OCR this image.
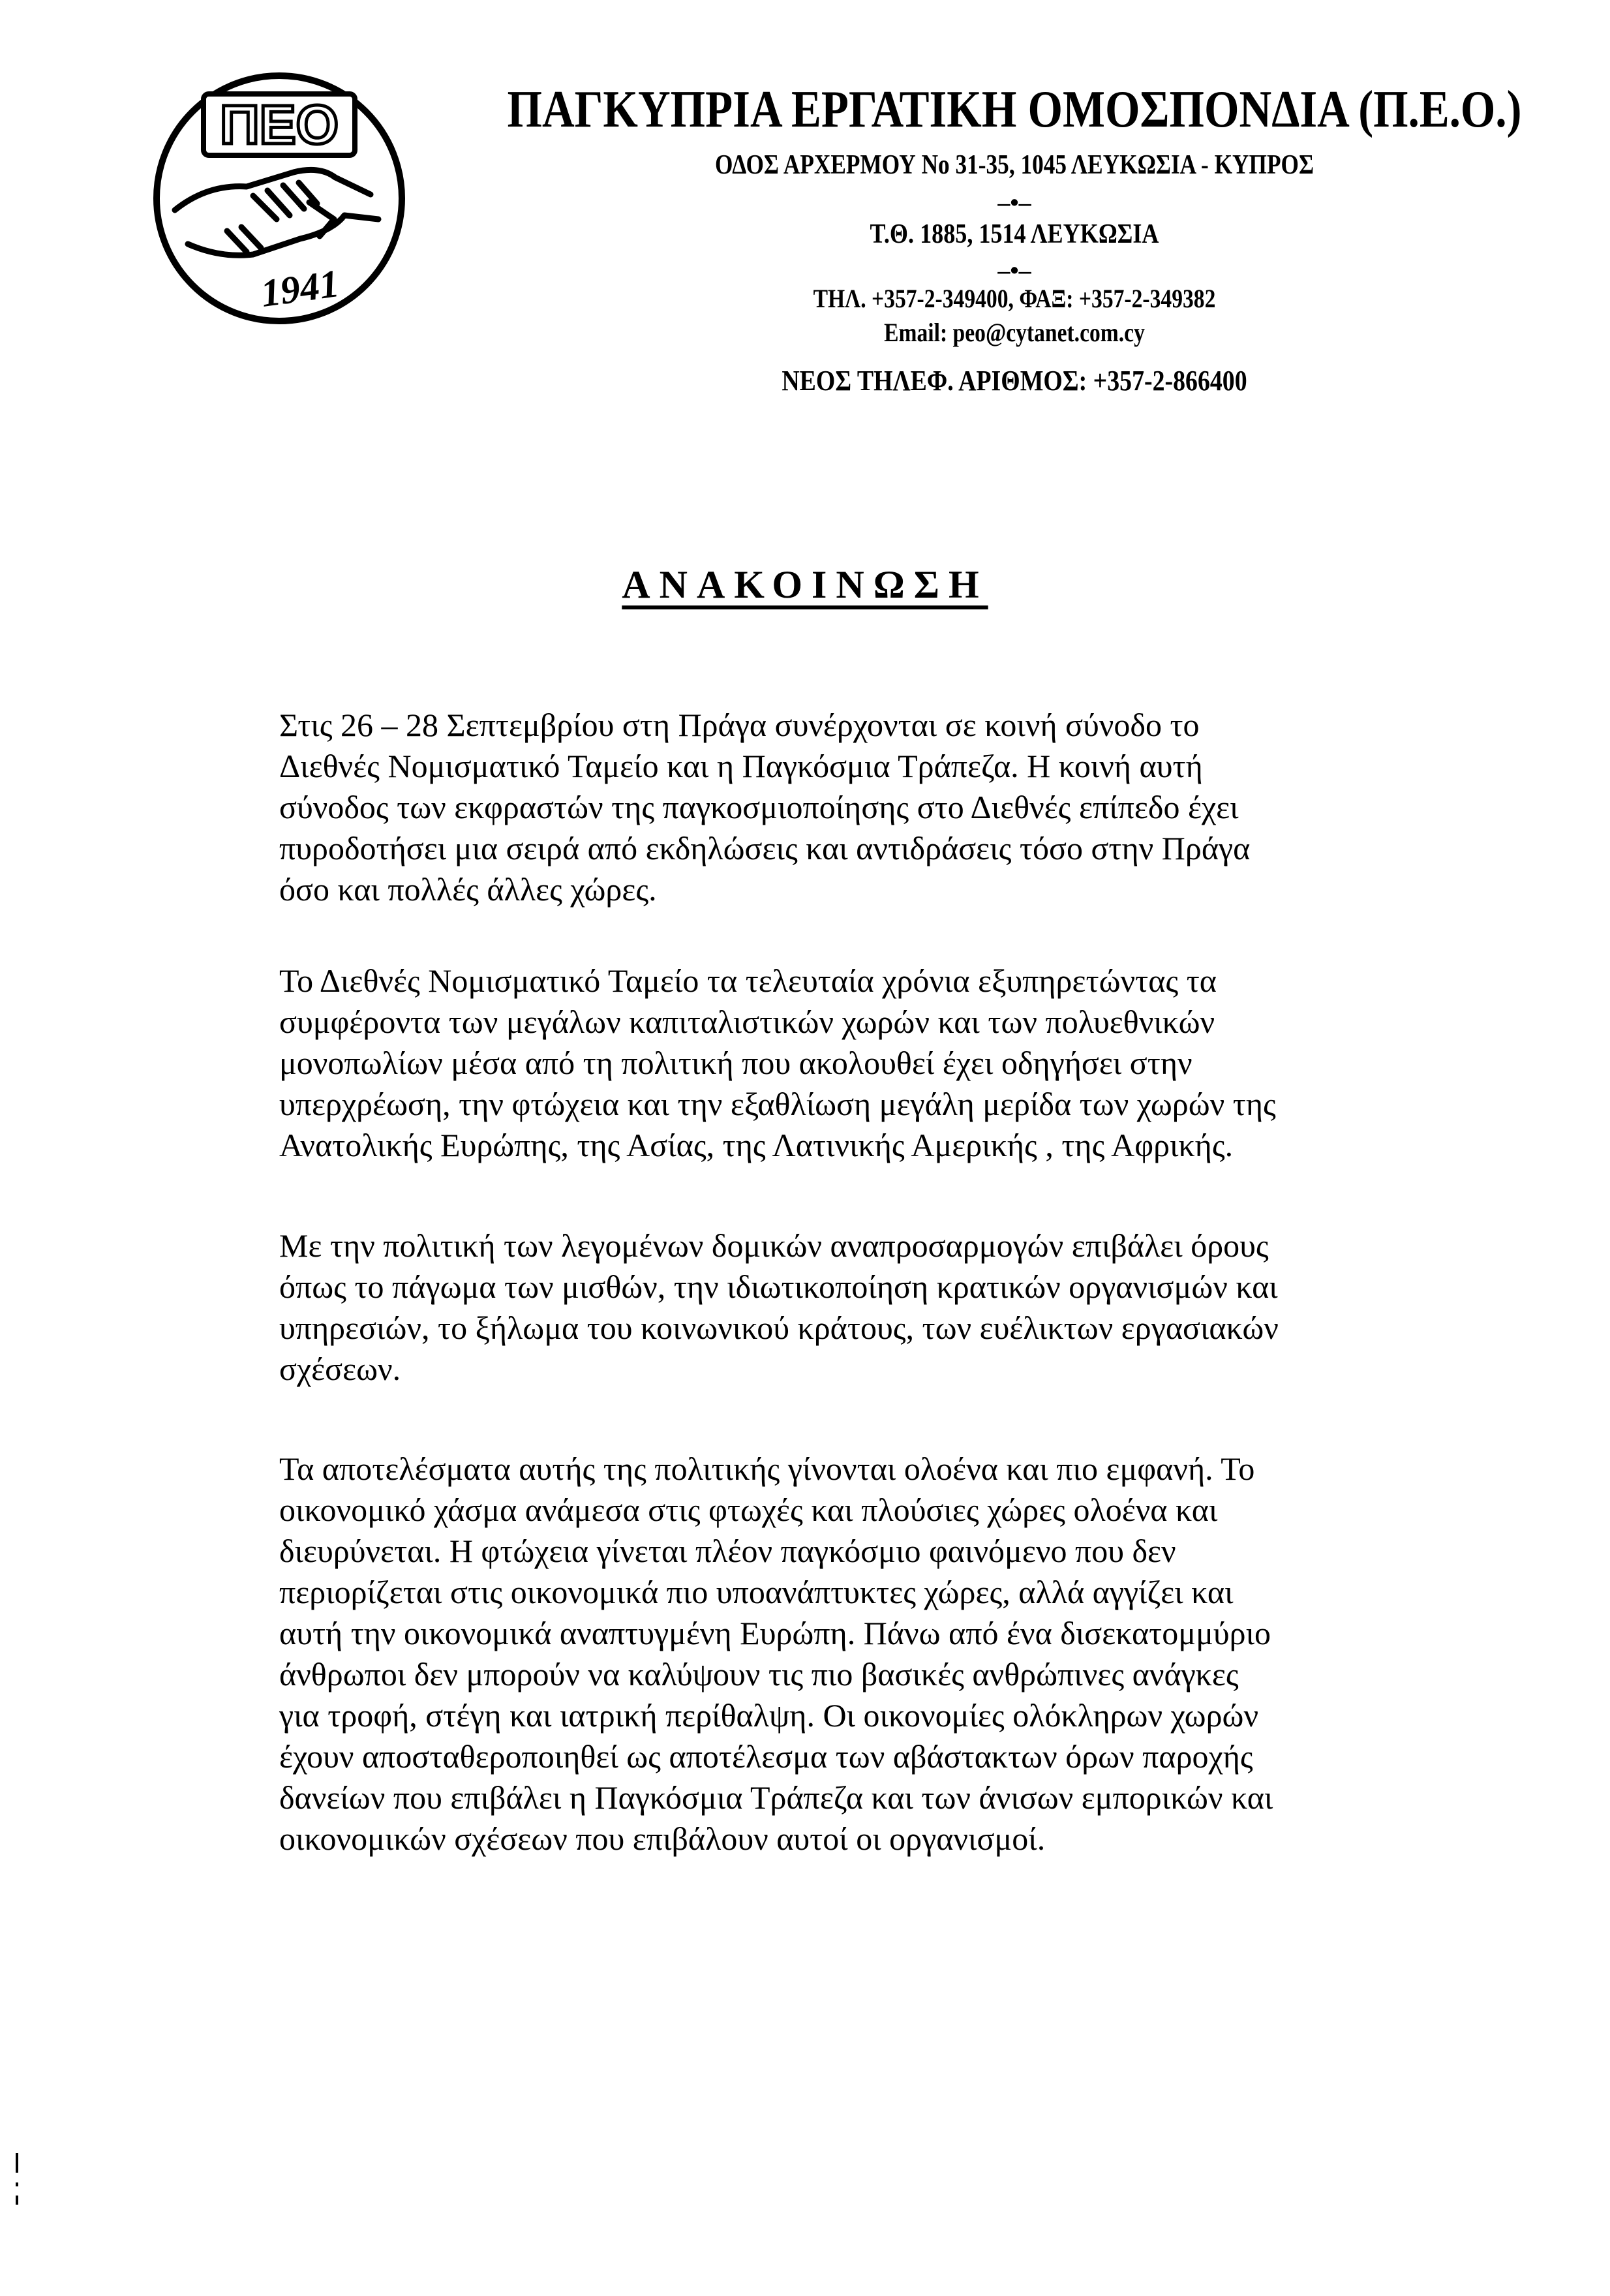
ΠΕΟ
1941
ΠΑΓΚΥΠΡΙΑ ΕΡΓΑΤΙΚΗ ΟΜΟΣΠΟΝΔΙΑ (Π.Ε.Ο.)
ΟΔΟΣ ΑΡΧΕΡΜΟΥ Νο 31-35, 1045 ΛΕΥΚΩΣΙΑ - ΚΥΠΡΟΣ
–•–
Τ.Θ. 1885, 1514 ΛΕΥΚΩΣΙΑ
–•–
ΤΗΛ. +357-2-349400, ΦΑΞ: +357-2-349382
Email: peo@cytanet.com.cy
ΝΕΟΣ ΤΗΛΕΦ. ΑΡΙΘΜΟΣ: +357-2-866400
ΑΝΑΚΟΙΝΩΣΗ

Στις 26 – 28 Σεπτεμβρίου στη Πράγα συνέρχονται σε κοινή σύνοδο το
Διεθνές Νομισματικό Ταμείο και η Παγκόσμια Τράπεζα. Η κοινή αυτή
σύνοδος των εκφραστών της παγκοσμιοποίησης στο Διεθνές επίπεδο έχει
πυροδοτήσει μια σειρά από εκδηλώσεις και αντιδράσεις τόσο στην Πράγα
όσο και πολλές άλλες χώρες.

Το Διεθνές Νομισματικό Ταμείο τα τελευταία χρόνια εξυπηρετώντας τα
συμφέροντα των μεγάλων καπιταλιστικών χωρών και των πολυεθνικών
μονοπωλίων μέσα από τη πολιτική που ακολουθεί έχει οδηγήσει στην
υπερχρέωση, την φτώχεια και την εξαθλίωση μεγάλη μερίδα των χωρών της
Ανατολικής Ευρώπης, της Ασίας, της Λατινικής Αμερικής , της Αφρικής.

Με την πολιτική των λεγομένων δομικών αναπροσαρμογών επιβάλει όρους
όπως το πάγωμα των μισθών, την ιδιωτικοποίηση κρατικών οργανισμών και
υπηρεσιών, το ξήλωμα του κοινωνικού κράτους, των ευέλικτων εργασιακών
σχέσεων.

Τα αποτελέσματα αυτής της πολιτικής γίνονται ολοένα και πιο εμφανή. Το
οικονομικό χάσμα ανάμεσα στις φτωχές και πλούσιες χώρες ολοένα και
διευρύνεται. Η φτώχεια γίνεται πλέον παγκόσμιο φαινόμενο που δεν
περιορίζεται στις οικονομικά πιο υποανάπτυκτες χώρες, αλλά αγγίζει και
αυτή την οικονομικά αναπτυγμένη Ευρώπη. Πάνω από ένα δισεκατομμύριο
άνθρωποι δεν μπορούν να καλύψουν τις πιο βασικές ανθρώπινες ανάγκες
για τροφή, στέγη και ιατρική περίθαλψη. Οι οικονομίες ολόκληρων χωρών
έχουν αποσταθεροποιηθεί ως αποτέλεσμα των αβάστακτων όρων παροχής
δανείων που επιβάλει η Παγκόσμια Τράπεζα και των άνισων εμπορικών και
οικονομικών σχέσεων που επιβάλουν αυτοί οι οργανισμοί.
